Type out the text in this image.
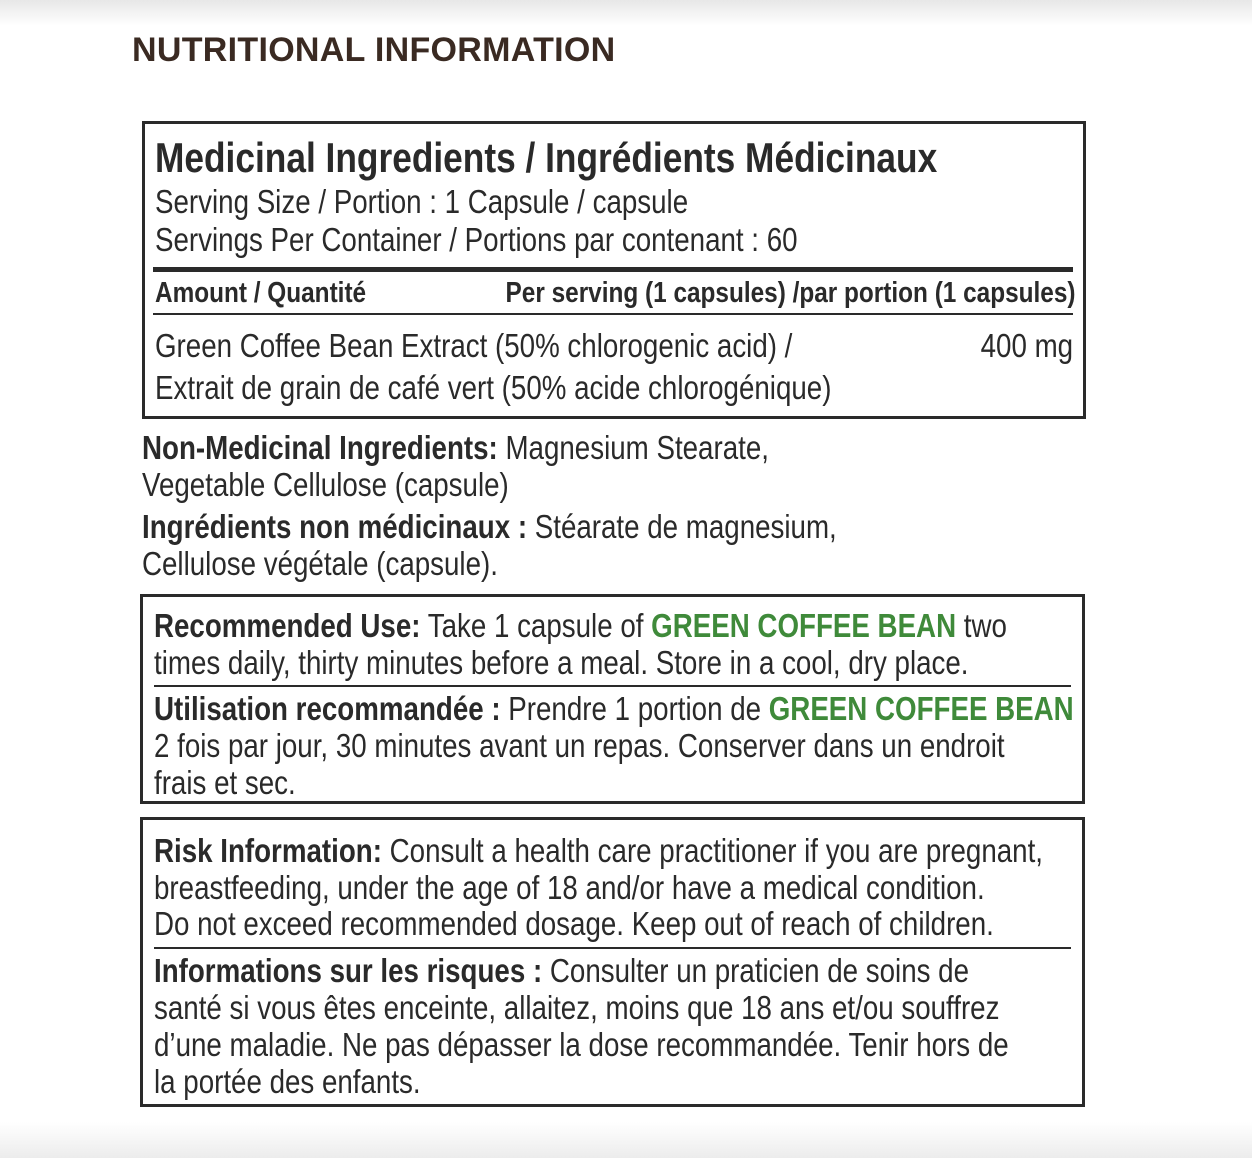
NUTRITIONAL INFORMATION
Medicinal Ingredients / Ingrédients Médicinaux
Serving Size / Portion : 1 Capsule / capsule
Servings Per Container / Portions par contenant : 60
Amount / Quantité	Per serving (1 capsules) /par portion (1 capsules)
Green Coffee Bean Extract (50% chlorogenic acid) /	400 mg
Extrait de grain de café vert (50% acide chlorogénique)
Non-Medicinal Ingredients: Magnesium Stearate,
Vegetable Cellulose (capsule)
Ingrédients non médicinaux : Stéarate de magnesium,
Cellulose végétale (capsule).
Recommended Use: Take 1 capsule of GREEN COFFEE BEAN two
times daily, thirty minutes before a meal. Store in a cool, dry place.
Utilisation recommandée : Prendre 1 portion de GREEN COFFEE BEAN
2 fois par jour, 30 minutes avant un repas. Conserver dans un endroit
frais et sec.
Risk Information: Consult a health care practitioner if you are pregnant,
breastfeeding, under the age of 18 and/or have a medical condition.
Do not exceed recommended dosage. Keep out of reach of children.
Informations sur les risques : Consulter un praticien de soins de
santé si vous êtes enceinte, allaitez, moins que 18 ans et/ou souffrez
d’une maladie. Ne pas dépasser la dose recommandée. Tenir hors de
la portée des enfants.
